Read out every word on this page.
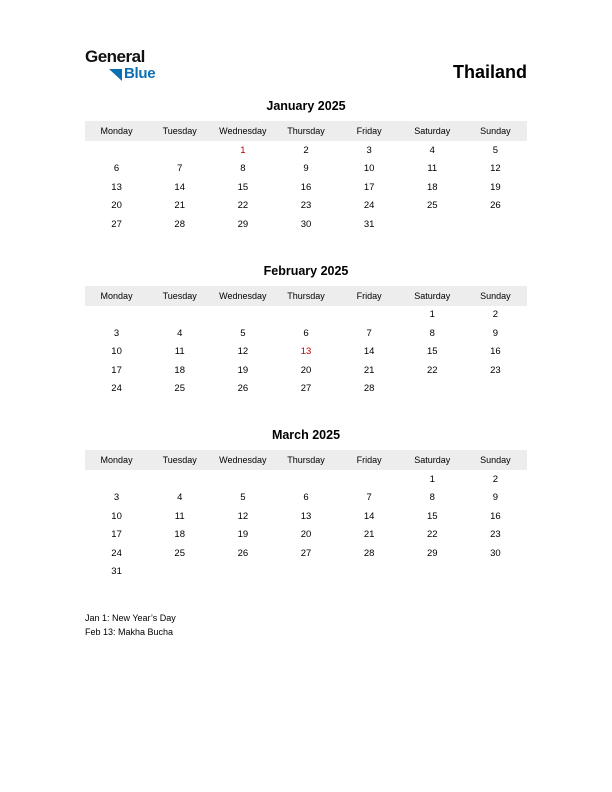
General
Blue	Thailand
January 2025
Monday	Tuesday	Wednesday	Thursday	Friday	Saturday	Sunday
		1	2	3	4	5
6	7	8	9	10	11	12
13	14	15	16	17	18	19
20	21	22	23	24	25	26
27	28	29	30	31		
February 2025
Monday	Tuesday	Wednesday	Thursday	Friday	Saturday	Sunday
					1	2
3	4	5	6	7	8	9
10	11	12	13	14	15	16
17	18	19	20	21	22	23
24	25	26	27	28		
March 2025
Monday	Tuesday	Wednesday	Thursday	Friday	Saturday	Sunday
					1	2
3	4	5	6	7	8	9
10	11	12	13	14	15	16
17	18	19	20	21	22	23
24	25	26	27	28	29	30
31						
Jan 1: New Year’s Day
Feb 13: Makha Bucha
